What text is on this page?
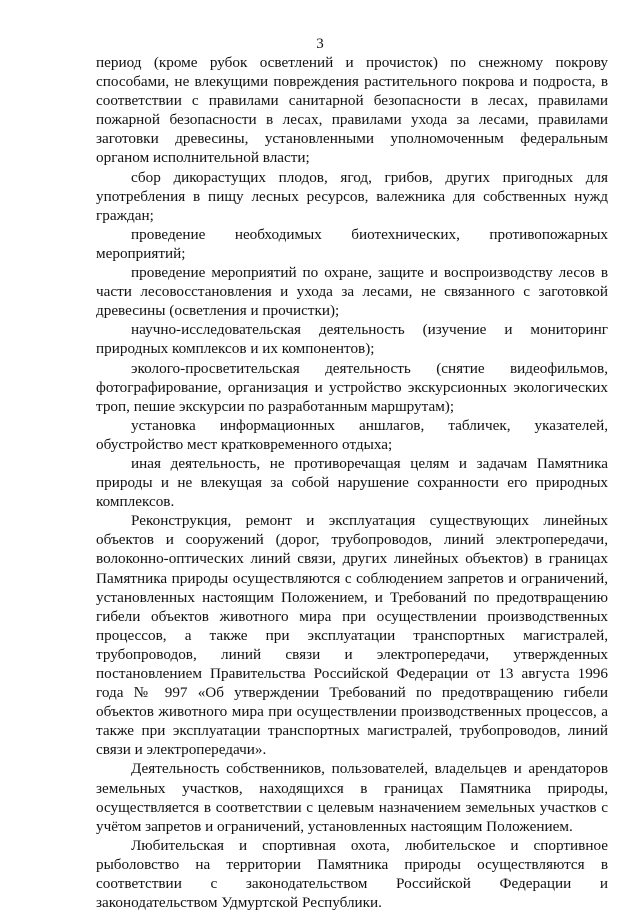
3

период (кроме рубок осветлений и прочисток) по снежному покрову способами, не влекущими повреждения растительного покрова и подроста, в соответствии с правилами санитарной безопасности в лесах, правилами пожарной безопасности в лесах, правилами ухода за лесами, правилами заготовки древесины, установленными уполномоченным федеральным органом исполнительной власти;

сбор дикорастущих плодов, ягод, грибов, других пригодных для употребления в пищу лесных ресурсов, валежника для собственных нужд граждан;

проведение необходимых биотехнических, противопожарных мероприятий;

проведение мероприятий по охране, защите и воспроизводству лесов в части лесовосстановления и ухода за лесами, не связанного с заготовкой древесины (осветления и прочистки);

научно-исследовательская деятельность (изучение и мониторинг природных комплексов и их компонентов);

эколого-просветительская деятельность (снятие видеофильмов, фотографирование, организация и устройство экскурсионных экологических троп, пешие экскурсии по разработанным маршрутам);

установка информационных аншлагов, табличек, указателей, обустройство мест кратковременного отдыха;

иная деятельность, не противоречащая целям и задачам Памятника природы и не влекущая за собой нарушение сохранности его природных комплексов.

Реконструкция, ремонт и эксплуатация существующих линейных объектов и сооружений (дорог, трубопроводов, линий электропередачи, волоконно-оптических линий связи, других линейных объектов) в границах Памятника природы осуществляются с соблюдением запретов и ограничений, установленных настоящим Положением, и Требований по предотвращению гибели объектов животного мира при осуществлении производственных процессов, а также при эксплуатации транспортных магистралей, трубопроводов, линий связи и электропередачи, утвержденных постановлением Правительства Российской Федерации от 13 августа 1996 года № 997 «Об утверждении Требований по предотвращению гибели объектов животного мира при осуществлении производственных процессов, а также при эксплуатации транспортных магистралей, трубопроводов, линий связи и электропередачи».

Деятельность собственников, пользователей, владельцев и арендаторов земельных участков, находящихся в границах Памятника природы, осуществляется в соответствии с целевым назначением земельных участков с учётом запретов и ограничений, установленных настоящим Положением.

Любительская и спортивная охота, любительское и спортивное рыболовство на территории Памятника природы осуществляются в соответствии с законодательством Российской Федерации и законодательством Удмуртской Республики.
